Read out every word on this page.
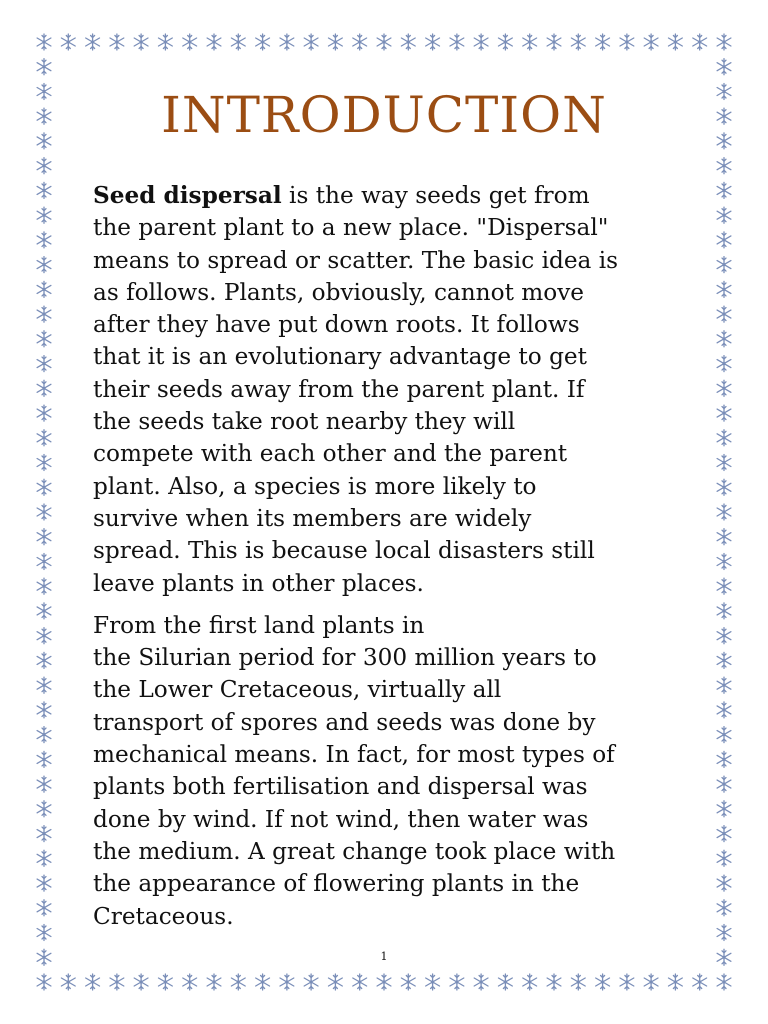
INTRODUCTION

Seed dispersal is the way seeds get from
the parent plant to a new place. "Dispersal"
means to spread or scatter. The basic idea is
as follows. Plants, obviously, cannot move
after they have put down roots. It follows
that it is an evolutionary advantage to get
their seeds away from the parent plant. If
the seeds take root nearby they will
compete with each other and the parent
plant. Also, a species is more likely to
survive when its members are widely
spread. This is because local disasters still
leave plants in other places.

From the first land plants in
the Silurian period for 300 million years to
the Lower Cretaceous, virtually all
transport of spores and seeds was done by
mechanical means. In fact, for most types of
plants both fertilisation and dispersal was
done by wind. If not wind, then water was
the medium. A great change took place with
the appearance of flowering plants in the
Cretaceous.

1
